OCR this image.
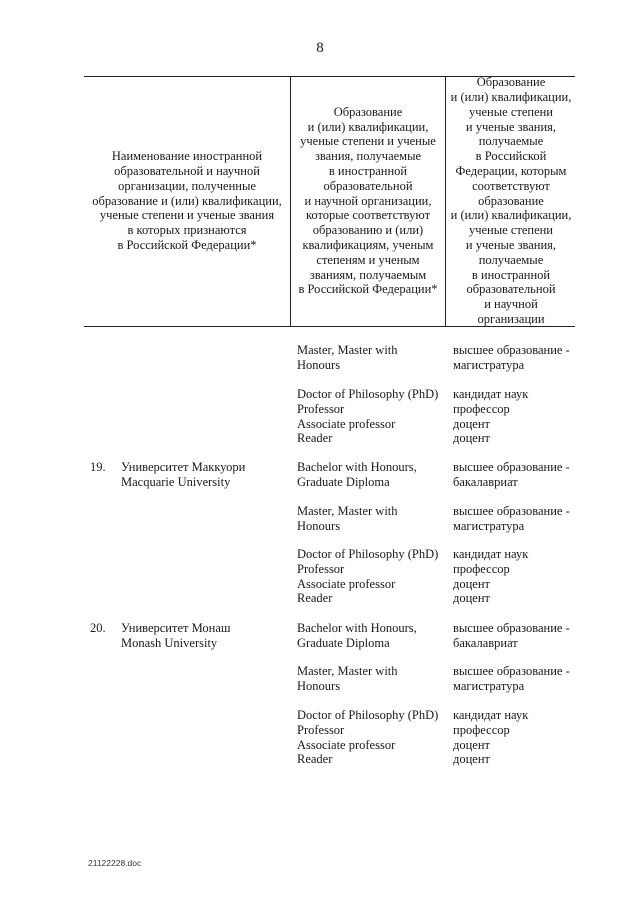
8
Наименование иностранной
образовательной и научной
организации, полученные
образование и (или) квалификации,
ученые степени и ученые звания
в которых признаются
в Российской Федерации*
Образование
и (или) квалификации,
ученые степени и ученые
звания, получаемые
в иностранной
образовательной
и научной организации,
которые соответствуют
образованию и (или)
квалификациям, ученым
степеням и ученым
званиям, получаемым
в Российской Федерации*
Образование
и (или) квалификации,
ученые степени
и ученые звания,
получаемые
в Российской
Федерации, которым
соответствуют
образование
и (или) квалификации,
ученые степени
и ученые звания,
получаемые
в иностранной
образовательной
и научной
организации
Master, Master with
Honours
высшее образование -
магистратура
Doctor of Philosophy (PhD)
Professor
Associate professor
Reader
кандидат наук
профессор
доцент
доцент
19. Университет Маккуори
Macquarie University
Bachelor with Honours,
Graduate Diploma
высшее образование -
бакалавриат
Master, Master with
Honours
высшее образование -
магистратура
Doctor of Philosophy (PhD)
Professor
Associate professor
Reader
кандидат наук
профессор
доцент
доцент
20. Университет Монаш
Monash University
Bachelor with Honours,
Graduate Diploma
высшее образование -
бакалавриат
Master, Master with
Honours
высшее образование -
магистратура
Doctor of Philosophy (PhD)
Professor
Associate professor
Reader
кандидат наук
профессор
доцент
доцент
21122228.doc
